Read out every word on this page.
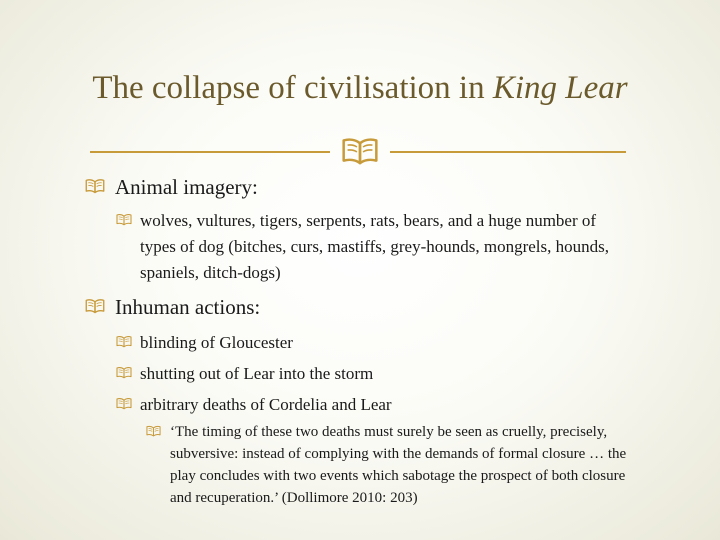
The collapse of civilisation in King Lear
Animal imagery:
wolves, vultures, tigers, serpents, rats, bears, and a huge number of types of dog (bitches, curs, mastiffs, grey-hounds, mongrels, hounds, spaniels, ditch-dogs)
Inhuman actions:
blinding of Gloucester
shutting out of Lear into the storm
arbitrary deaths of Cordelia and Lear
‘The timing of these two deaths must surely be seen as cruelly, precisely, subversive: instead of complying with the demands of formal closure … the play concludes with two events which sabotage the prospect of both closure and recuperation.’ (Dollimore 2010: 203)
